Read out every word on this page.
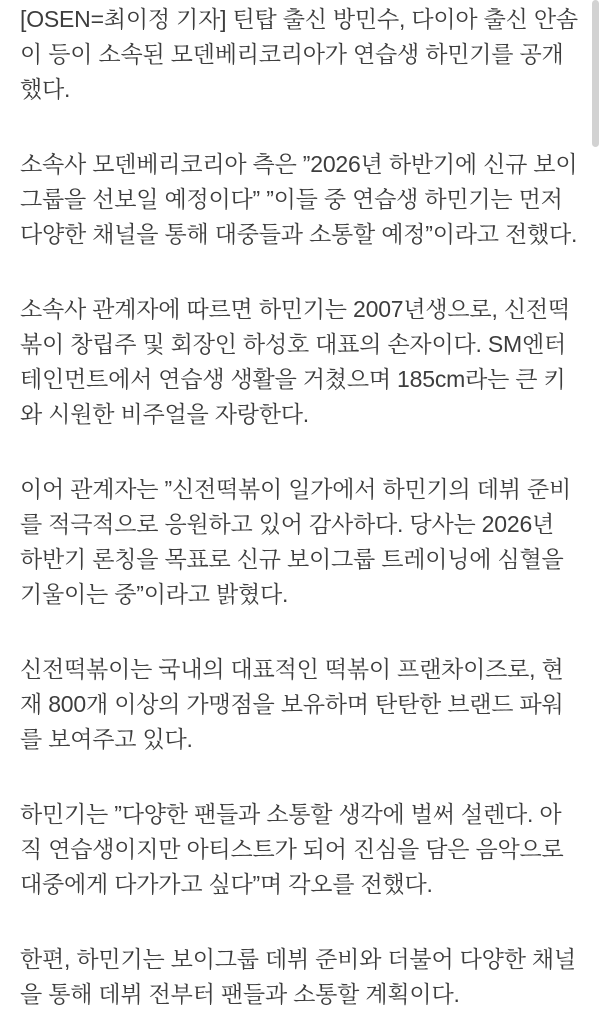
[OSEN=최이정 기자] 틴탑 출신 방민수, 다이아 출신 안솜이 등이 소속된 모덴베리코리아가 연습생 하민기를 공개했다.

소속사 모덴베리코리아 측은 ”2026년 하반기에 신규 보이그룹을 선보일 예정이다” ”이들 중 연습생 하민기는 먼저 다양한 채널을 통해 대중들과 소통할 예정”이라고 전했다.

소속사 관계자에 따르면 하민기는 2007년생으로, 신전떡볶이 창립주 및 회장인 하성호 대표의 손자이다. SM엔터테인먼트에서 연습생 생활을 거쳤으며 185cm라는 큰 키와 시원한 비주얼을 자랑한다.

이어 관계자는 ”신전떡볶이 일가에서 하민기의 데뷔 준비를 적극적으로 응원하고 있어 감사하다. 당사는 2026년 하반기 론칭을 목표로 신규 보이그룹 트레이닝에 심혈을 기울이는 중”이라고 밝혔다.

신전떡볶이는 국내의 대표적인 떡볶이 프랜차이즈로, 현재 800개 이상의 가맹점을 보유하며 탄탄한 브랜드 파워를 보여주고 있다.

하민기는 ”다양한 팬들과 소통할 생각에 벌써 설렌다. 아직 연습생이지만 아티스트가 되어 진심을 담은 음악으로 대중에게 다가가고 싶다”며 각오를 전했다.

한편, 하민기는 보이그룹 데뷔 준비와 더불어 다양한 채널을 통해 데뷔 전부터 팬들과 소통할 계획이다.
